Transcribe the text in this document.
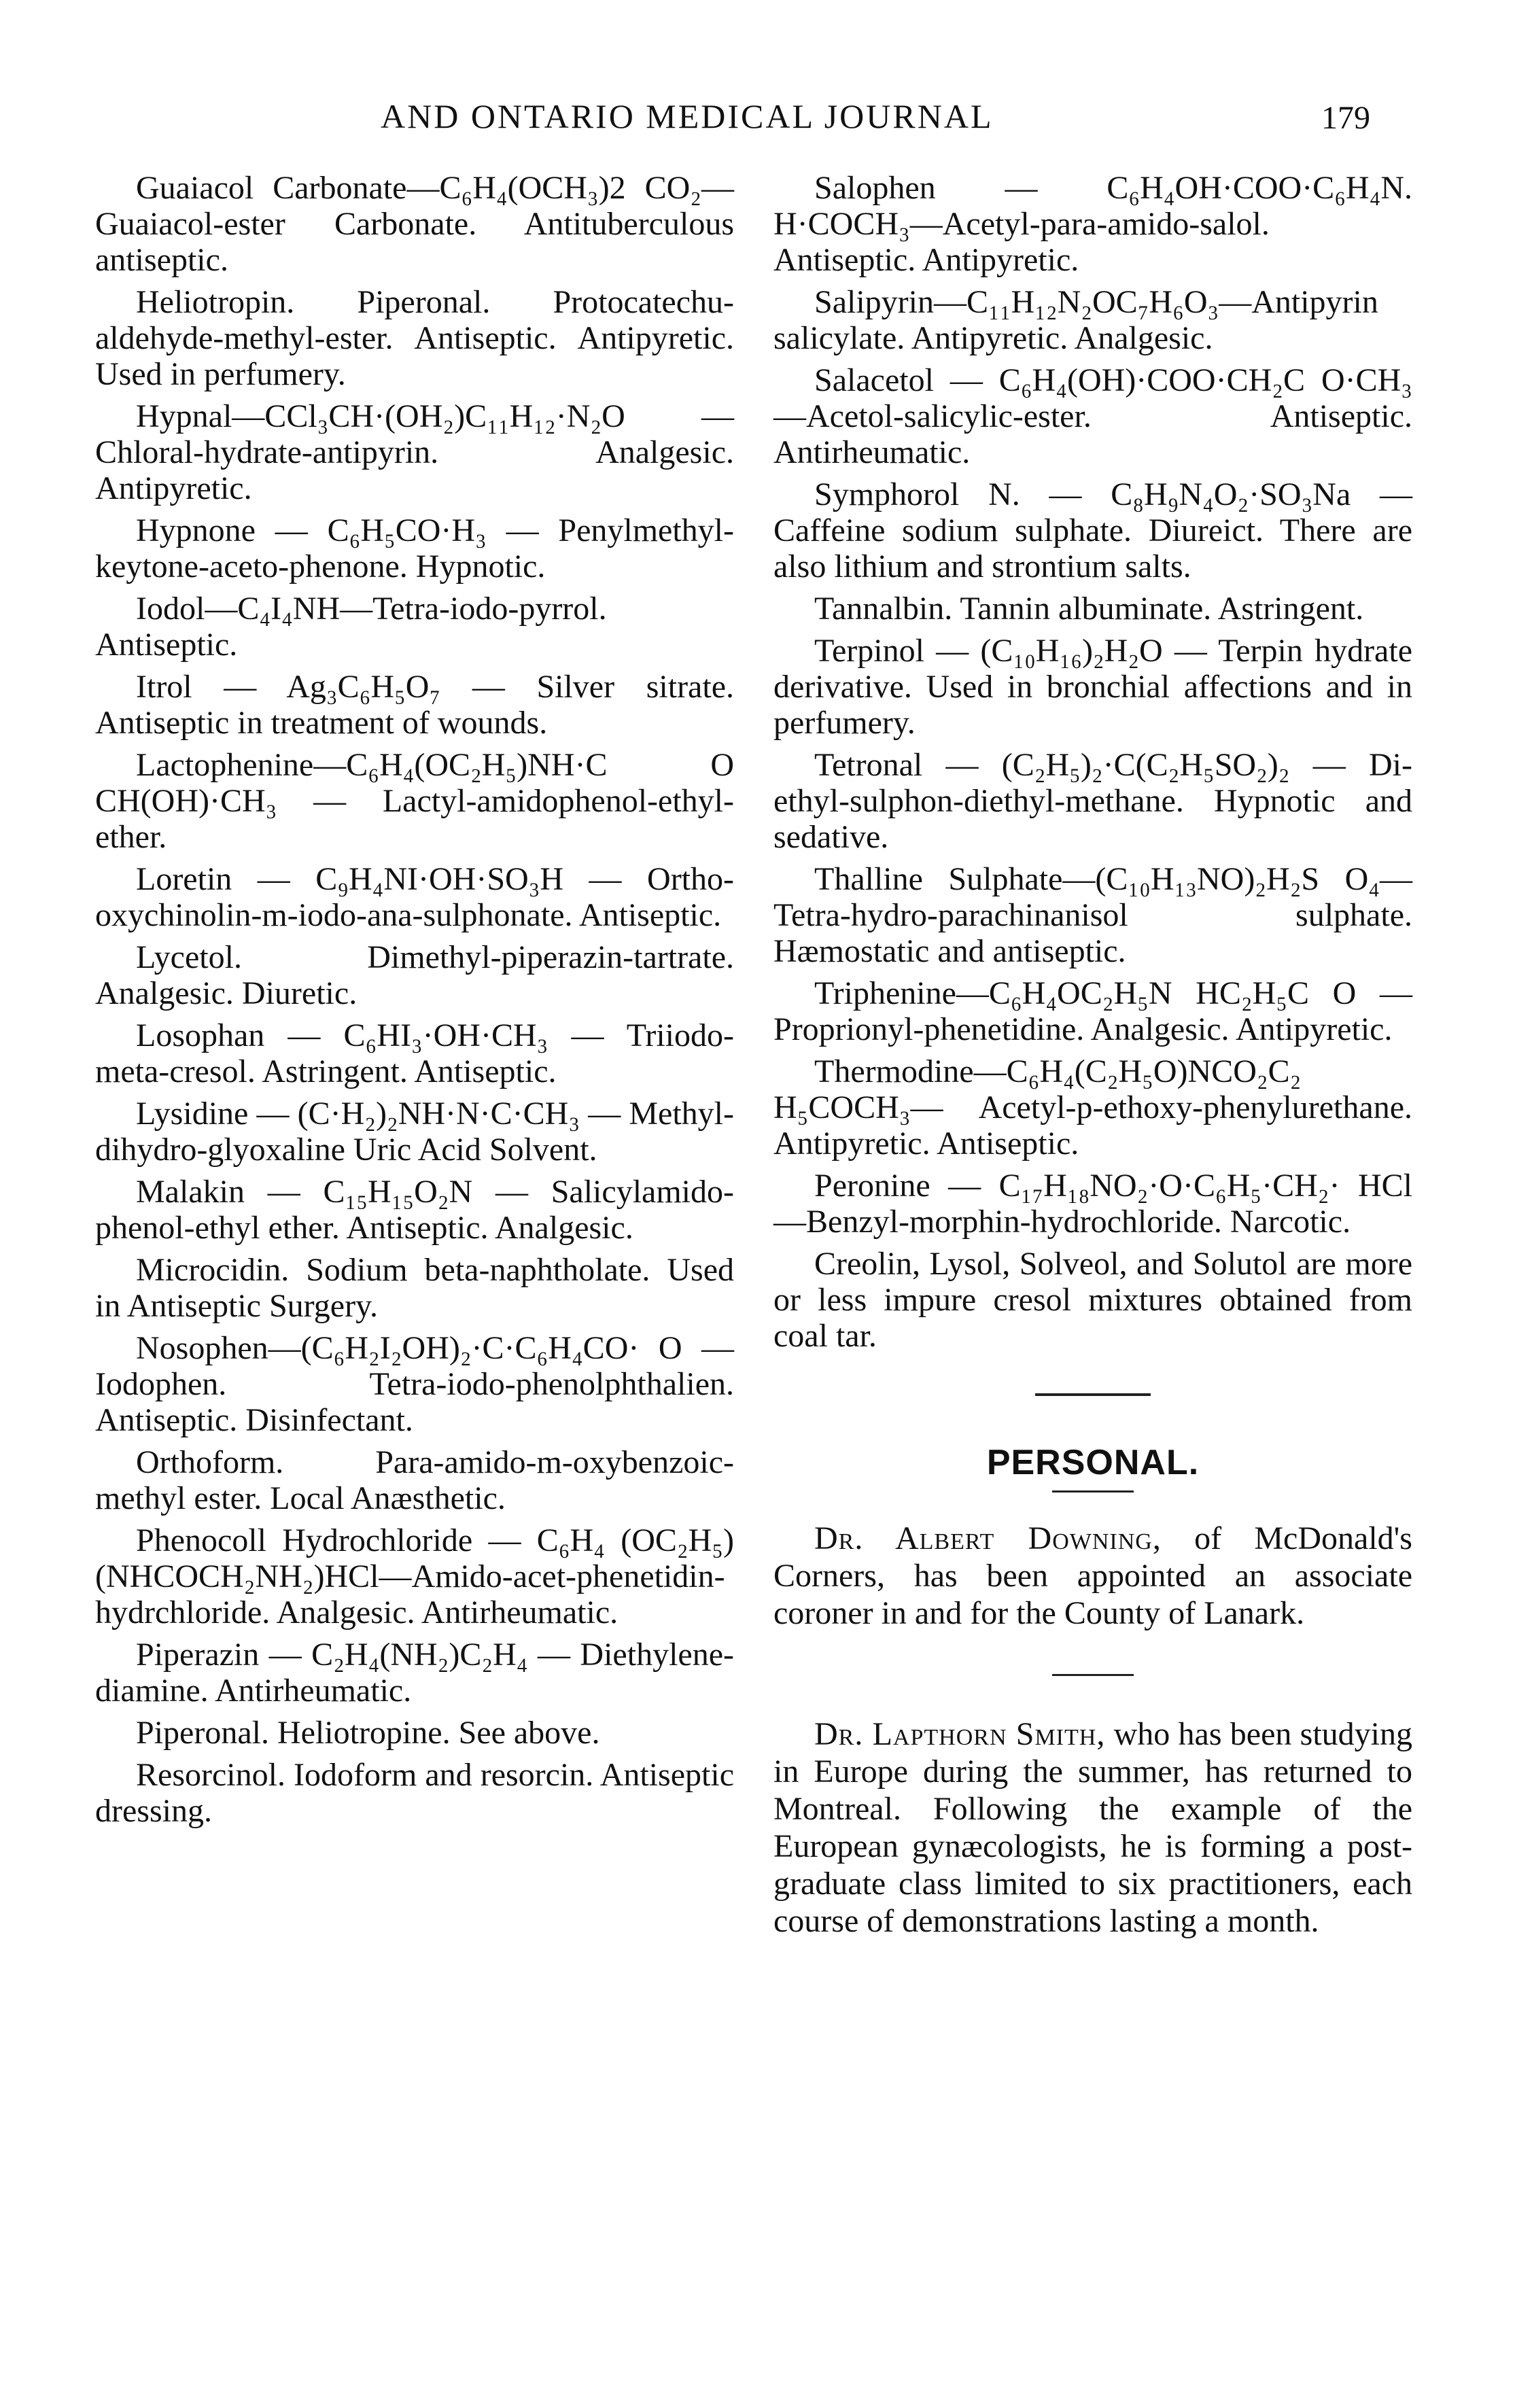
AND ONTARIO MEDICAL JOURNAL	179

Guaiacol Carbonate—C₆H₄(OCH₃)2 CO₂—Guaiacol-ester Carbonate. Antituberculous antiseptic.

Heliotropin. Piperonal. Protocatechu-aldehyde-methyl-ester. Antiseptic. Antipyretic. Used in perfumery.

Hypnal—CCl₃CH·(OH₂)C₁₁H₁₂·N₂O —Chloral-hydrate-antipyrin. Analgesic. Antipyretic.

Hypnone — C₆H₅CO·H₃ — Penylmethyl-keytone-aceto-phenone. Hypnotic.

Iodol—C₄I₄NH—Tetra-iodo-pyrrol. Antiseptic.

Itrol — Ag₃C₆H₅O₇ — Silver sitrate. Antiseptic in treatment of wounds.

Lactophenine—C₆H₄(OC₂H₅)NH·C O CH(OH)·CH₃ — Lactyl-amidophenol-ethyl-ether.

Loretin — C₉H₄NI·OH·SO₃H — Ortho-oxychinolin-m-iodo-ana-sulphonate. Antiseptic.

Lycetol. Dimethyl-piperazin-tartrate. Analgesic. Diuretic.

Losophan — C₆HI₃·OH·CH₃ — Triiodo-meta-cresol. Astringent. Antiseptic.

Lysidine — (C·H₂)₂NH·N·C·CH₃ — Methyl-dihydro-glyoxaline Uric Acid Solvent.

Malakin — C₁₅H₁₅O₂N — Salicylamido-phenol-ethyl ether. Antiseptic. Analgesic.

Microcidin. Sodium beta-naphtholate. Used in Antiseptic Surgery.

Nosophen—(C₆H₂I₂OH)₂·C·C₆H₄CO· O — Iodophen. Tetra-iodo-phenolphthalien. Antiseptic. Disinfectant.

Orthoform. Para-amido-m-oxybenzoic-methyl ester. Local Anæsthetic.

Phenocoll Hydrochloride — C₆H₄ (OC₂H₅)(NHCOCH₂NH₂)HCl—Amido-acet-phenetidin-hydrchloride. Analgesic. Antirheumatic.

Piperazin — C₂H₄(NH₂)C₂H₄ — Diethylene-diamine. Antirheumatic.

Piperonal. Heliotropine. See above.

Resorcinol. Iodoform and resorcin. Antiseptic dressing.

Salophen — C₆H₄OH·COO·C₆H₄N. H·COCH₃—Acetyl-para-amido-salol. Antiseptic. Antipyretic.

Salipyrin—C₁₁H₁₂N₂OC₇H₆O₃—Antipyrin salicylate. Antipyretic. Analgesic.

Salacetol — C₆H₄(OH)·COO·CH₂C O·CH₃—Acetol-salicylic-ester. Antiseptic. Antirheumatic.

Symphorol N. — C₈H₉N₄O₂·SO₃Na —Caffeine sodium sulphate. Diureict. There are also lithium and strontium salts.

Tannalbin. Tannin albuminate. Astringent.

Terpinol — (C₁₀H₁₆)₂H₂O — Terpin hydrate derivative. Used in bronchial affections and in perfumery.

Tetronal — (C₂H₅)₂·C(C₂H₅SO₂)₂ — Di-ethyl-sulphon-diethyl-methane. Hypnotic and sedative.

Thalline Sulphate—(C₁₀H₁₃NO)₂H₂S O₄—Tetra-hydro-parachinanisol sulphate. Hæmostatic and antiseptic.

Triphenine—C₆H₄OC₂H₅N HC₂H₅C O — Proprionyl-phenetidine. Analgesic. Antipyretic.

Thermodine—C₆H₄(C₂H₅O)NCO₂C₂ H₅COCH₃— Acetyl-p-ethoxy-phenylurethane. Antipyretic. Antiseptic.

Peronine — C₁₇H₁₈NO₂·O·C₆H₅·CH₂· HCl—Benzyl-morphin-hydrochloride. Narcotic.

Creolin, Lysol, Solveol, and Solutol are more or less impure cresol mixtures obtained from coal tar.

PERSONAL.

Dr. Albert Downing, of McDonald's Corners, has been appointed an associate coroner in and for the County of Lanark.

Dr. Lapthorn Smith, who has been studying in Europe during the summer, has returned to Montreal. Following the example of the European gynæcologists, he is forming a post-graduate class limited to six practitioners, each course of demonstrations lasting a month.
